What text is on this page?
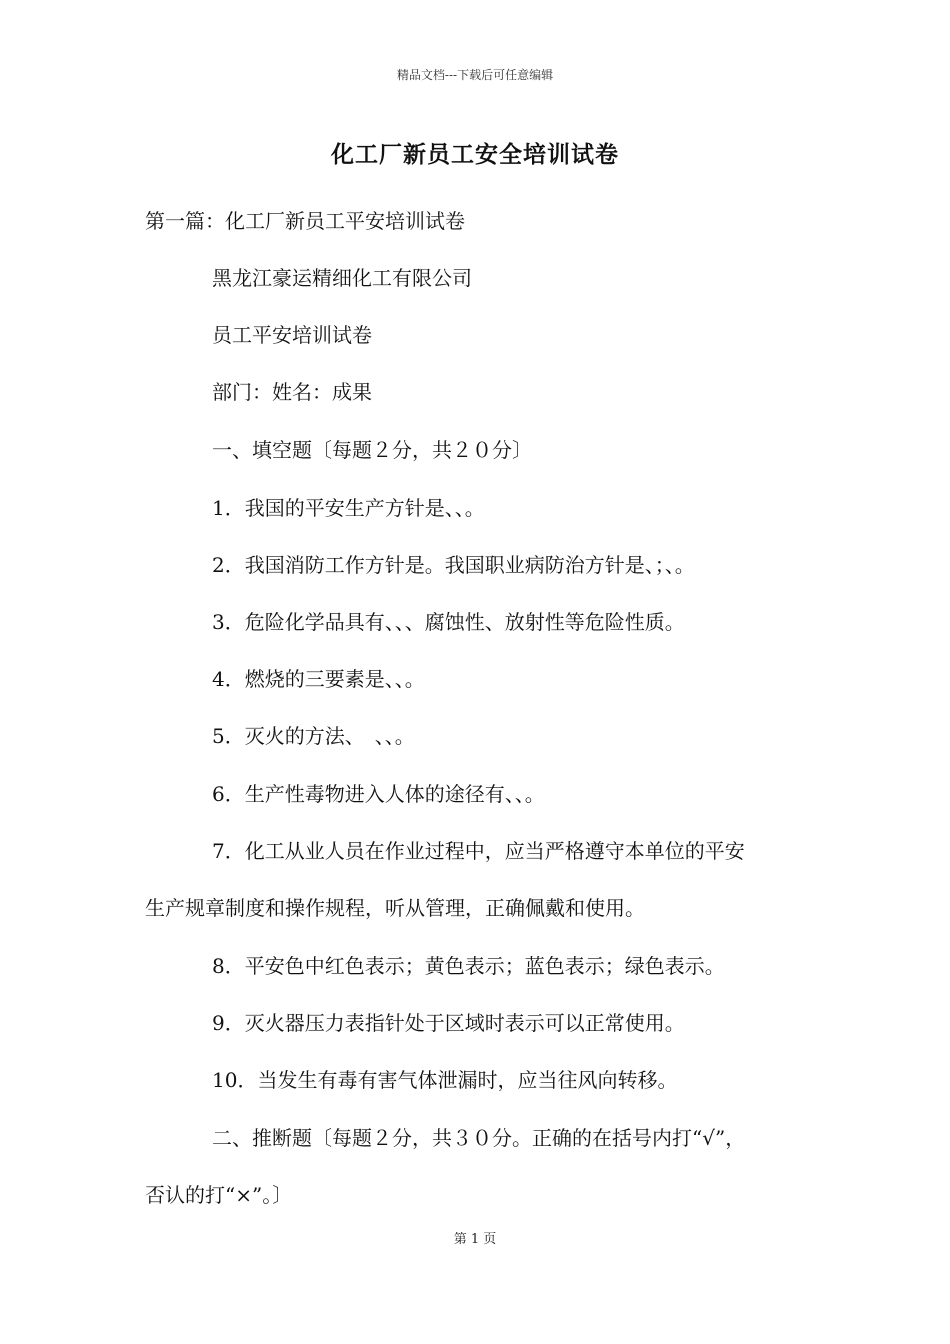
精品文档---下载后可任意编辑
化工厂新员工安全培训试卷
第一篇：化工厂新员工平安培训试卷
黑龙江豪运精细化工有限公司
员工平安培训试卷
部门：姓名：成果
一、填空题〔每题２分，共２０分〕
1．我国的平安生产方针是、、。
2．我国消防工作方针是。我国职业病防治方针是、；、。
3．危险化学品具有、、、腐蚀性、放射性等危险性质。
4．燃烧的三要素是、、。
5．灭火的方法、　、、。
6．生产性毒物进入人体的途径有、、。
7．化工从业人员在作业过程中，应当严格遵守本单位的平安
生产规章制度和操作规程，听从管理，正确佩戴和使用。
8．平安色中红色表示；黄色表示；蓝色表示；绿色表示。
9．灭火器压力表指针处于区域时表示可以正常使用。
10．当发生有毒有害气体泄漏时，应当往风向转移。
二、推断题〔每题２分，共３０分。正确的在括号内打“√”，
否认的打“×”。〕
第 1 页
